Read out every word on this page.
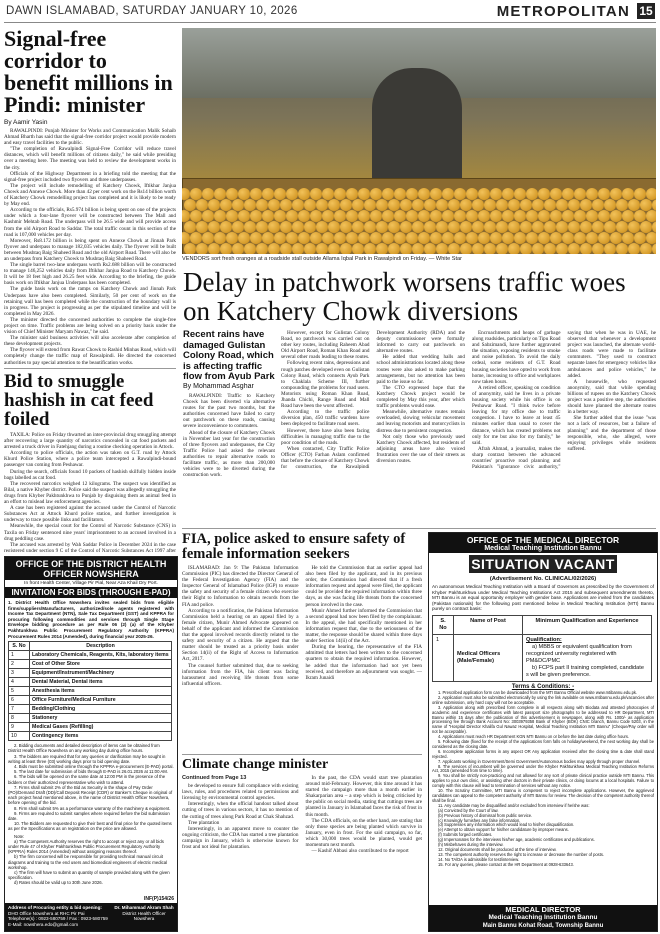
DAWN ISLAMABAD, SATURDAY JANUARY 10, 2026	METROPOLITAN 15
Signal-free corridor to benefit millions in Pindi: minister
By Aamir Yasin

RAWALPINDI: Punjab Minister for Works and Communication Malik Sohaib Ahmad Bharth has said that the signal-free corridor project would provide modern and easy travel facilities to the public.

"The completion of Rawalpindi Signal-Free Corridor will reduce travel distances, which will benefit millions of citizens daily," he said while presiding over a meeting here. The meeting was held to review the development works in the city.

Officials of the Highway Department in a briefing told the meeting that the signal-free project included two flyovers and three underpasses.

The project will include remodelling of Katchery Chowk, Iftikhar Janjua Chowk and Annexe Chowk. More than 42 per cent work on the Rs14 billion worth of Katchery Chowk remodelling project has completed and it is likely to be ready by May end.

According to the officials, Rs5.974 billion is being spent on one of the projects under which a four-lane flyover will be constructed between The Mall and Kashmir Mehtab Road. The underpass will be 26.5 wide and will provide access from the old Airport Road to Saddar. The total traffic count in this section of the road is 107,000 vehicles per day.

Moreover, Rs8.172 billion is being spent on Annexe Chowk at Jinnah Park flyover and underpass to manage 182,035 vehicles daily. The flyover will be built between Mushtaq Baig Shaheed Road and the old Airport Road. There will also be an underpass from Katchery Chowk to Mushtaq Baig Shaheed Road.

The single barrel two-lane underpass worth Rs2.688 billion will be constructed to manage 146,252 vehicles daily from Iftikhar Janjua Road to Katchery Chowk. It will be 18 feet high and 26.25 feet wide. According to the briefing, the guide basis work on Iftikhar Janjua Underpass has been completed.

The guide basis work on the ramps on Katchery Chowk and Jinnah Park Underpass have also been completed. Similarly, 50 per cent of work on the retaining wall has been completed while the construction of the boundary wall is in progress. The project is progressing as per the stipulated timeline and will be completed in May 2026.

The minister directed the concerned authorities to complete the single-free project on time. Traffic problems are being solved on a priority basis under the vision of Chief Minister Maryam Nawaz," he said.

The minister said business activities will also accelerate after completion of these development projects.

The flyover will extend from Rawat Chowk to Rashid Minhas Road, which will completely change the traffic map of Rawalpindi. He directed the concerned authorities to pay special attention to the beautification works.

Bid to smuggle hashish in cat feed foiled

TAXILA: Police on Friday thwarted an inter-provincial drug smuggling attempt after recovering a large quantity of narcotics concealed in cat food packets and arrested a truck driver in Fatehjang during a routine checking operation in Attock.

According to police officials, the action was taken on G.T. road by Attock Khurd Police Station, where a police team intercepted a Rawalpindi-bound passenger van coming from Peshawar.

During the search, officials found 10 packets of hashish skilfully hidden inside bags labelled as cat food.

The recovered narcotics weighed 12 kilograms. The suspect was identified as Bilal, a native Khyber district. Police said the suspect was allegedly smuggling the drugs from Khyber Pakhtunkhwa to Punjab by disguising them as animal feed in an effort to mislead law enforcement agencies.

A case has been registered against the accused under the Control of Narcotic Substances Act at Attock Khurd police station, and further investigation is underway to trace possible links and facilitators.

Meanwhile, the special court for the Control of Narcotic Substance (CNS) in Taxila on Friday sentenced nine years' imprisonment to an accused involved in a drug peddling case.

The accused was arrested by Wah Saddar Police in December 2024 in the case registered under section 9 C of the Control of Narcotic Substances Act 1997 after

VENDORS sort fresh oranges at a roadside stall outside Allama Iqbal Park in Rawalpindi on Friday. — White Star
Delay in patchwork worsens traffic woes on Katchery Chowk diversions

Recent rains have damaged Gulistan Colony Road, which is affecting traffic flow from Ayub Park

By Mohammad Asghar

RAWALPINDI: Traffic to Katchery Chowk has been diverted via alternative routes for the past two months, but the authorities concerned have failed to carry out patchwork on these roads, causing severe inconvenience to commuters.

Ahead of the closure of Katchery Chowk in November last year for the construction of three flyovers and underpasses, the City Traffic Police had asked the relevant authorities to repair alternative roads to facilitate traffic, as more than 200,000 vehicles were to be diverted during the construction work.

However, except for Gulistan Colony Road, no patchwork was carried out on other key routes, including Raheem Abad Old Airport Road, Roman Khan Road and several other roads leading to these routes.

Following recent rains, depressions and rough patches developed even on Gulistan Colony Road, which connects Ayub Park to Chaklala Scheme III, further compounding the problems for road users. Motorists using Roman Khan Road, Jhanda Chichi, Range Road and Mall Road have been the worst affected.

According to the traffic police diversion plan, 450 traffic wardens have been deployed to facilitate road users.

However, there have also been facing difficulties in managing traffic due to the poor condition of the roads.

When contacted, City Traffic Police Officer (CTO) Farhan Aslam confirmed that before the closure of Katchery Chowk for construction, the Rawalpindi Development Authority (RDA) and the deputy commissioner were formally informed to carry out patchwork on alternative routes.

He added that wedding halls and school administrations located along these routes were also asked to make parking arrangements, but no attention has been paid to the issue so far.

The CTO expressed hope that the Katchery Chowk project would be completed by May this year, after which traffic problems would ease.

Meanwhile, alternative routes remain overloaded, slowing vehicular movement and leaving motorists and motorcyclists in distress due to persistent congestion.

Not only those who previously used Katchery Chowk affected, but residents of adjoining areas have also voiced frustration over the use of their streets as diversion routes.

Encroachments and heaps of garbage along roadsides, particularly on Tipu Road and Sabzimandi, have further aggravated the situation, exposing residents to smoke and noise pollution. To avoid the daily ordeal, some residents of G.T. Road housing societies have opted to work from home, increasing to office and workplaces now taken hours.

A retired officer, speaking on condition of anonymity, said he lives in a private housing society while his office is on Peshawar Road. "I think twice before leaving for my office due to traffic congestion. I have to leave at least 45 minutes earlier than usual to cover the distance, which has created problems not only for me but also for my family," he said.

Afrah Ahmad, a journalist, makes the sharp contrast between the advanced countries' proactive road planning and Pakistan's "ignorance civic authority," saying that when he was in UAE, he observed that whenever a development project was launched, the alternate world-class roads were made to facilitate commuters. "They used to construct separate lanes for emergency vehicles like ambulances and police vehicles," he added.

A housewife, who requested anonymity, said that while spending billions of rupees on the Katchery Chowk project was a positive step, the authorities should have planned the alternate routes in a better way.

She further added that the issue "was not a lack of resources, but a failure of planning" and the department of those responsible, who, she alleged, were enjoying privileges while residents suffered.

OFFICE OF THE DISTRICT HEALTH
OFFICER NOWSHERA
In front Health Center, Village Pir Pial, Near Aza Khail Dry Port.
INVITATION FOR BIDS (THROUGH E-PAD)
1. District Health Office Nowshera invites sealed bids from eligible firms/suppliers/Manufacturers, authorized/sole agents registered with Income Tax Department (NTN), Sale Tax Department (GST) and KPPRA for procuring following commodities and services through Single Stage Envelope bidding procedure as per Rule 06 (2) (a) of the Khyber Pakhtunkhwa Public Procurement Regulatory Authority (KPPRA) Procurement Rules 2014 (Amended), during financial year 2025-26.
S. No	Description
1	Laboratory Chemicals, Reagents, Kits, laboratory items
2	Cost of Other Store
3	Equipment/Instrument/Machinery
4	Dental Material, Dental items
5	Anesthesia items
6	Office Furniture/Medical Furniture
7	Bedding/Clothing
8	Stationery
9	Medical Gases (Refilling)
10	Contingency items

2. Bidding documents and detailed description of items can be obtained from District Health Office Nowshera on any working day during office hours.

3. The bidders are required that for any queries or clarification may be sought in writing at least three (03) working days prior to bid opening date.

4. Bids must be submitted online through the KPPRA e-procurement (E-PAD) portal.

5. The last date for submission of bids through E-PAD is 26.01.2026 at 11:00 AM.

6. The bids will be opened on the same date at 12:00 PM in the presence of the bidders or their authorized representative who wish to attend.

7. Firms shall submit 2% of the Bid as Security in the shape of Pay Order (PO)/Demand Draft (DD)/Call Deposit Receipt (CDR) or Banker's Cheque in original of each project head mentioned above, in the name of District Health Officer Nowshera, before opening of the bid.

8. Firm shall submit 5% as a performance warranty of the machinery & equipment.

9. Firms are required to submit samples where required before the bid submission date.

10. The Bidders are requested to give their best and final price for the quoted items as per the Specifications as on registration on the price are allowed.

Note:

a) The Competent Authority reserves the right to accept or reject any or all bids under Rule 47 of Khyber Pakhtunkhwa Public Procurement Regulatory Authority (KPPRA) Rules 2014 (Amended) without assigning reasons thereof.

b) The firm concerned will be responsible for providing technical manual circuit diagrams and training to the end users and biomedical engineers of electric medical workshop.

c) The firm will have to submit an quantity of sample provided along with the given specification.

d) Rates should be valid up to 30th June 2026.

Dr. Mihammad Akram Shah
District Health Officer
Nowshera
Address of Procuring entity & bid opening:
DHO Office Nowshera at RHC Pir Pai
Telephone(s) : 0923-580759 / Fax : 0923-580759
E-Mail: nowshera.edo@gmail.com
INF(P)154/26
FIA, police asked to ensure safety of female information seekers

ISLAMABAD: Jan 9: The Pakistan Information Commission (PIC) has directed the Director General of the Federal Investigation Agency (FIA) and the Inspector General of Islamabad Police (IGP) to ensure the safety and security of a female citizen who exercise their Right to Information to obtain records from the FIA and police.

According to a notification, the Pakistan Information Commission held a hearing on an appeal filed by a female citizen, Munir Ahmed Advocate appeared on behalf of the applicant and informed the Commission that the appeal involved records directly related to the safety and security of a citizen. He argued that the matter should be treated as a priority basis under Section 14(ii) of the Right of Access to Information Act, 2017.

The counsel further submitted that, due to seeking information from the FIA, his client was facing harassment and receiving life threats from some influential officers.

He told the Commission that an earlier appeal had also been filed by the applicant, and in its previous order, the Commission had directed that if a fresh information request and appeal were filed, the applicant could be provided the required information within three days, as she was facing life threats from the concerned person involved in the case.

Munir Ahmed further informed the Commission that a second appeal had now been filed by the complainant. In the appeal, she had specifically mentioned in her information request that, due to the seriousness of the matter, the response should be shared within three days under Section 14(ii) of the Act.

During the hearing, the representative of the FIA admitted that letters had been written to the concerned quarters to obtain the required information. However, he added that the information had not yet been received, and therefore an adjournment was sought. — Ikram Junaidi

Climate change minister
Continued from Page 13

be developed to ensure full compliance with existing laws, rules, and procedures related to permissions and licensing by environmental control agencies.

Interestingly, when the official handout talked about cutting of trees in various sectors, it has no mention of the cutting of trees along Park Road at Chak Shahzad.

Tree plantation

Interestingly, in an apparent move to counter the ongoing criticism, the CDA has started a tree plantation campaign in January, which is otherwise known for frost and not ideal for plantation.

In the past, the CDA would start tree plantation around mid-February. However, this time around it has started the campaign more than a month earlier in Shakarparian area – a step which is being criticised by the public on social media, stating that cuttings trees are planted in January in Islamabad faces the risk of frost in this month.

The CDA officials, on the other hand, are stating that only those species are being planted which survive in January, even in frost. For the said campaign, so far, which 30,000 trees would be planted, would get momentum next month.

— Kashif Abbasi also contributed to the report

OFFICE OF THE MEDICAL DIRECTOR
Medical Teaching Institution Bannu
SITUATION VACANT
(Advertisement No. CLINICAL/02/2026)
An autonomous Medical Teaching Institution with a Board of Governors as prescribed by the Government of Khyber Pakhtunkhwa under Medical Teaching Institutions Act 2015 and subsequent amendments thereto, MTI Bannu is an equal opportunity employer with gender base. Applications are invited from the candidates (Pakistan nationals) for the following post mentioned below in Medical Teaching Institution (MTI) Bannu purely on contract basis:
S. No	Name of Post	Minimum Qualification and Experience
1	Medical Officers (Male/Female)	Qualification:

a) MBBS or equivalent qualification from recognized university registered with PM&DC/PMC

b) FCPS part II training completed, candidate s will be given preference.

Terms & Conditions: -

1. Prescribed application form can be downloaded from the MTI Bannu Official website www.mtibannu.edu.pk.

2. Application must also be submitted electronically by using the link available on www.mtibannu.edu.pk/vacancies after online submission, only hard copy will not be acceptable.

3. Application along with prescribed form complete in all respects along with Biodata and attested photocopies of academic and experience certificates with latest passport size photographs to be addressed to HR Department, MTI Bannu within 15 days after the publication of this advertisement in newspaper, along with Rs. 1000/- as application processing fee through Bank Account No: 3003979358 Bank of Khyber (BOK) CNIC branch, Bannu Code 5203, in the name of "Hospital Director Khalifa Gul Nawaz Hospital, Medical Teaching Institution MTI Bannu" (Cheque/Pay order will not be acceptable).

4. Applications must reach HR Department KGN MTI Bannu on or before the last date during office hours.

5. Following date (fixed for the receipt of the applications form falls on holiday/weekend, the next working day shall be considered as the closing date.

6. Incomplete application forms in any aspect OR Any application received after the closing time & date shall stand rejected.

7. Applicants working in Government/Semi Government/Autonomous bodies may apply through proper channel.

8. The services of incumbent will be governed under the Khyber Pakhtunkhwa Medical Teaching Institution Reforms Act, 2015 (amended from time to time).

9. You shall be strictly non-practicing and not allowed for any sort of private clinical practice outside MTI Bannu. This applies to your own clinic, or assisting other doctors in their private clinics, or doing locums at a local hospitals. Failure to comply with this clause will lead to termination of services without any notice.

10. The Scrutiny Committee, MTI Bannu is competent to reject incomplete applications. However, the aggrieved candidates can appeal to the competent authority of MTI Bannu for review. The decision of the competent authority thereof shall be final.

11. Any candidate may be disqualified and/or excluded from interview if he/she was:

(a) Convicted by the Court of law.

(b) Previous history of dismissal from public service.

(c) Knowingly furnishes any false information.

(d) Suppresses any information which would lead to his/her disqualification.

(e) Attempt to obtain support for his/her candidature by improper means.

(f) Submits forged certificates.

(g) Impersonates for the interviews his/her age, academic certificates and publications.

(h) Misbehaves during the interview.

12. Original documents shall be produced at the time of interview.

13. The competent authority reserves the right to increase or decrease the number of posts.

14. No TA/DA is admissible for test/interview.

15. For any queries, please contact at the HR Department at 0928-633643.

MEDICAL DIRECTOR
Medical Teaching Institution Bannu
Main Bannu Kohat Road, Township Bannu
